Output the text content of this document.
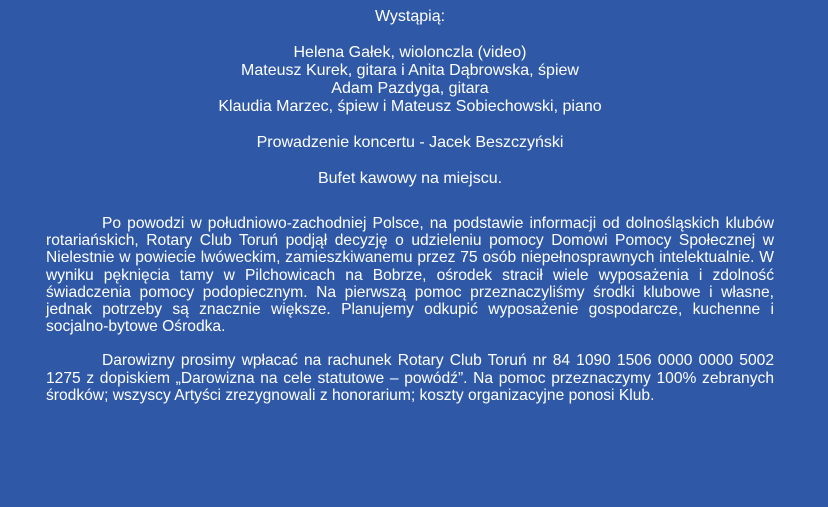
Wystąpią:

Helena Gałek, wiolonczla (video)
Mateusz Kurek, gitara i Anita Dąbrowska, śpiew
Adam Pazdyga, gitara
Klaudia Marzec, śpiew i Mateusz Sobiechowski, piano

Prowadzenie koncertu - Jacek Beszczyński

Bufet kawowy na miejscu.

Po powodzi w południowo-zachodniej Polsce, na podstawie informacji od dolnośląskich klubów rotariańskich, Rotary Club Toruń podjął decyzję o udzieleniu pomocy Domowi Pomocy Społecznej w Nielestnie w powiecie lwóweckim, zamieszkiwanemu przez 75 osób niepełnosprawnych intelektualnie. W wyniku pęknięcia tamy w Pilchowicach na Bobrze, ośrodek stracił wiele wyposażenia i zdolność świadczenia pomocy podopiecznym. Na pierwszą pomoc przeznaczyliśmy środki klubowe i własne, jednak potrzeby są znacznie większe. Planujemy odkupić wyposażenie gospodarcze, kuchenne i socjalno-bytowe Ośrodka.

Darowizny prosimy wpłacać na rachunek Rotary Club Toruń nr 84 1090 1506 0000 0000 5002 1275 z dopiskiem „Darowizna na cele statutowe – powódź”. Na pomoc przeznaczymy 100% zebranych środków; wszyscy Artyści zrezygnowali z honorarium; koszty organizacyjne ponosi Klub.
